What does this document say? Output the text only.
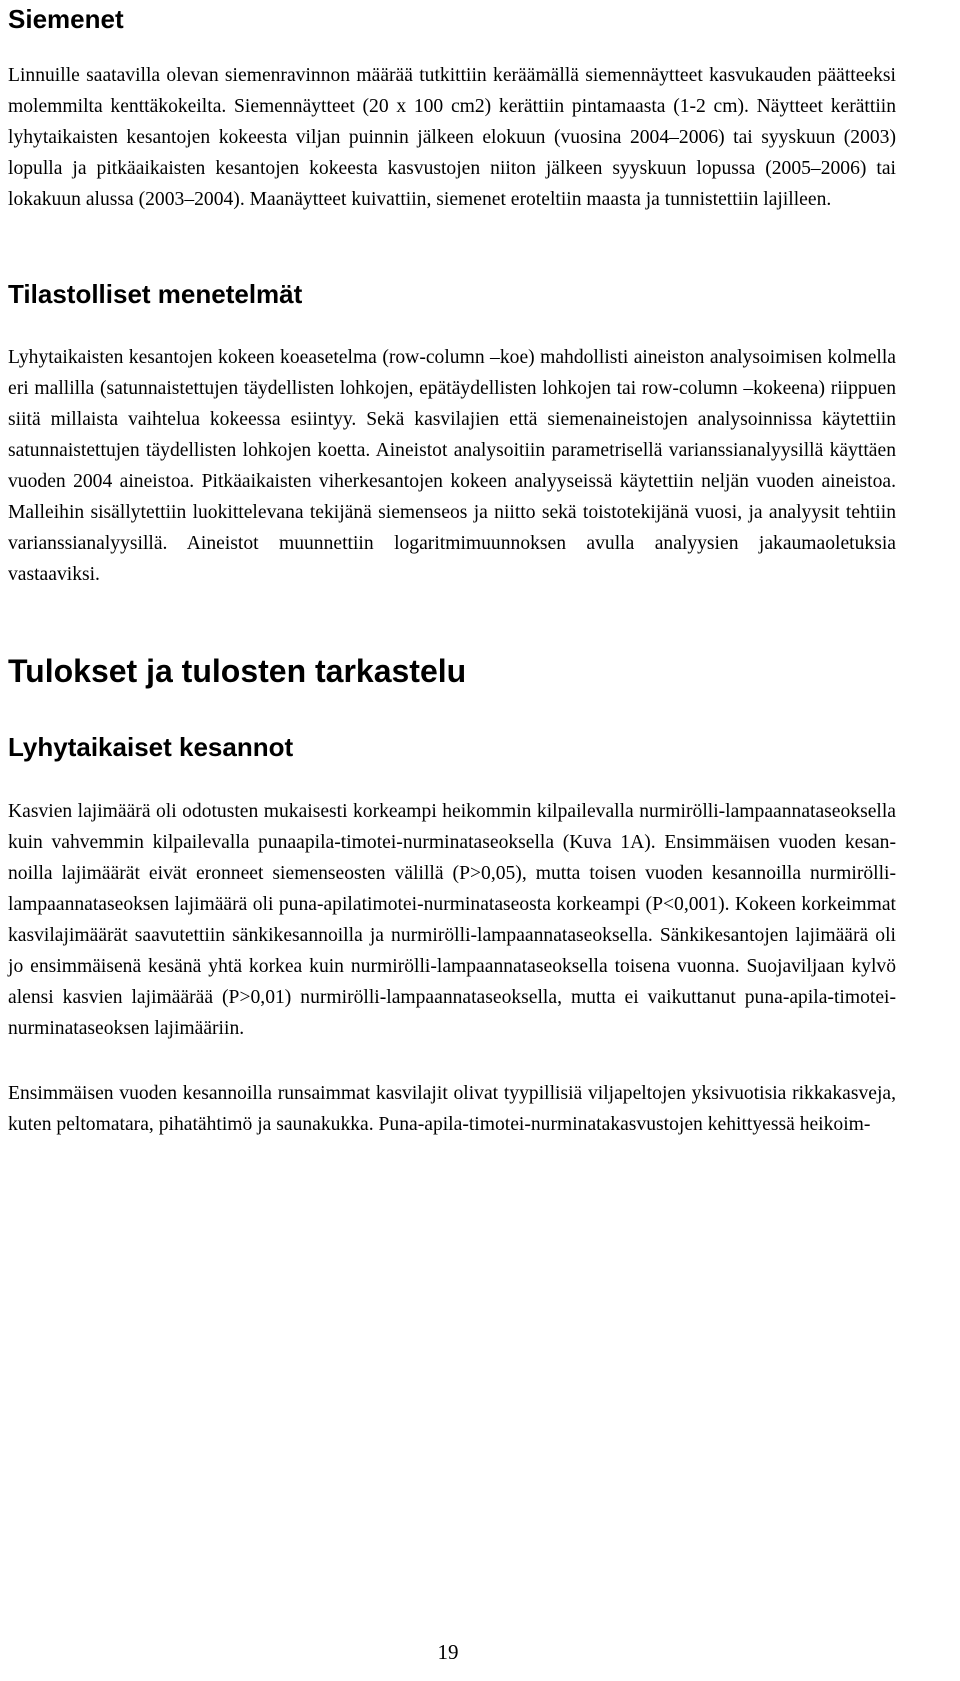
Siemenet

Linnuille saatavilla olevan siemenravinnon määrää tutkittiin keräämällä siemennäytteet kasvukauden päätteeksi molemmilta kenttäkokeilta. Siemennäytteet (20 x 100 cm2) kerättiin pintamaasta (1-2 cm). Näytteet kerättiin lyhytaikaisten kesantojen kokeesta viljan puinnin jälkeen elokuun (vuosina 2004–2006) tai syyskuun (2003) lopulla ja pitkäaikaisten kesantojen kokeesta kasvustojen niiton jälkeen syyskuun lopussa (2005–2006) tai lokakuun alussa (2003–2004). Maanäytteet kuivattiin, siemenet eroteltiin maasta ja tunnistettiin lajilleen.

Tilastolliset menetelmät

Lyhytaikaisten kesantojen kokeen koeasetelma (row-column –koe) mahdollisti aineiston analysoimisen kolmella eri mallilla (satunnaistettujen täydellisten lohkojen, epätäydellisten lohkojen tai row-column –kokeena) riippuen siitä millaista vaihtelua kokeessa esiintyy. Sekä kasvilajien että siemenaineistojen analysoinnissa käytettiin satunnaistettujen täydellisten lohkojen koetta. Aineistot analysoitiin parametrisellä varianssianalyysillä käyttäen vuoden 2004 aineistoa. Pitkäaikaisten viherkesantojen kokeen analyyseissä käytettiin neljän vuoden aineistoa. Malleihin sisällytettiin luokittelevana tekijänä siemenseos ja niitto sekä toistotekijänä vuosi, ja analyysit tehtiin varianssianalyysillä. Aineistot muunnettiin logaritmimuunnoksen avulla analyysien jakaumaoletuksia vastaaviksi.

Tulokset ja tulosten tarkastelu
Lyhytaikaiset kesannot

Kasvien lajimäärä oli odotusten mukaisesti korkeampi heikommin kilpailevalla nurmirölli-lampaannataseoksella kuin vahvemmin kilpailevalla punaapila-timotei-nurminataseoksella (Kuva 1A). Ensimmäisen vuoden kesannoilla lajimäärät eivät eronneet siemenseosten välillä (P>0,05), mutta toisen vuoden kesannoilla nurmirölli-lampaannataseoksen lajimäärä oli puna-apilatimotei-nurminataseosta korkeampi (P<0,001). Kokeen korkeimmat kasvilajimäärät saavutettiin sänkikesannoilla ja nurmirölli-lampaannataseoksella. Sänkikesantojen lajimäärä oli jo ensimmäisenä kesänä yhtä korkea kuin nurmirölli-lampaannataseoksella toisena vuonna. Suojaviljaan kylvö alensi kasvien lajimäärää (P>0,01) nurmirölli-lampaannataseoksella, mutta ei vaikuttanut puna-apila-timotei-nurminataseoksen lajimääriin.

Ensimmäisen vuoden kesannoilla runsaimmat kasvilajit olivat tyypillisiä viljapeltojen yksivuotisia rikkakasveja, kuten peltomatara, pihatähtimö ja saunakukka. Puna-apila-timotei-nurminatakasvustojen kehittyessä heikoim-

19
